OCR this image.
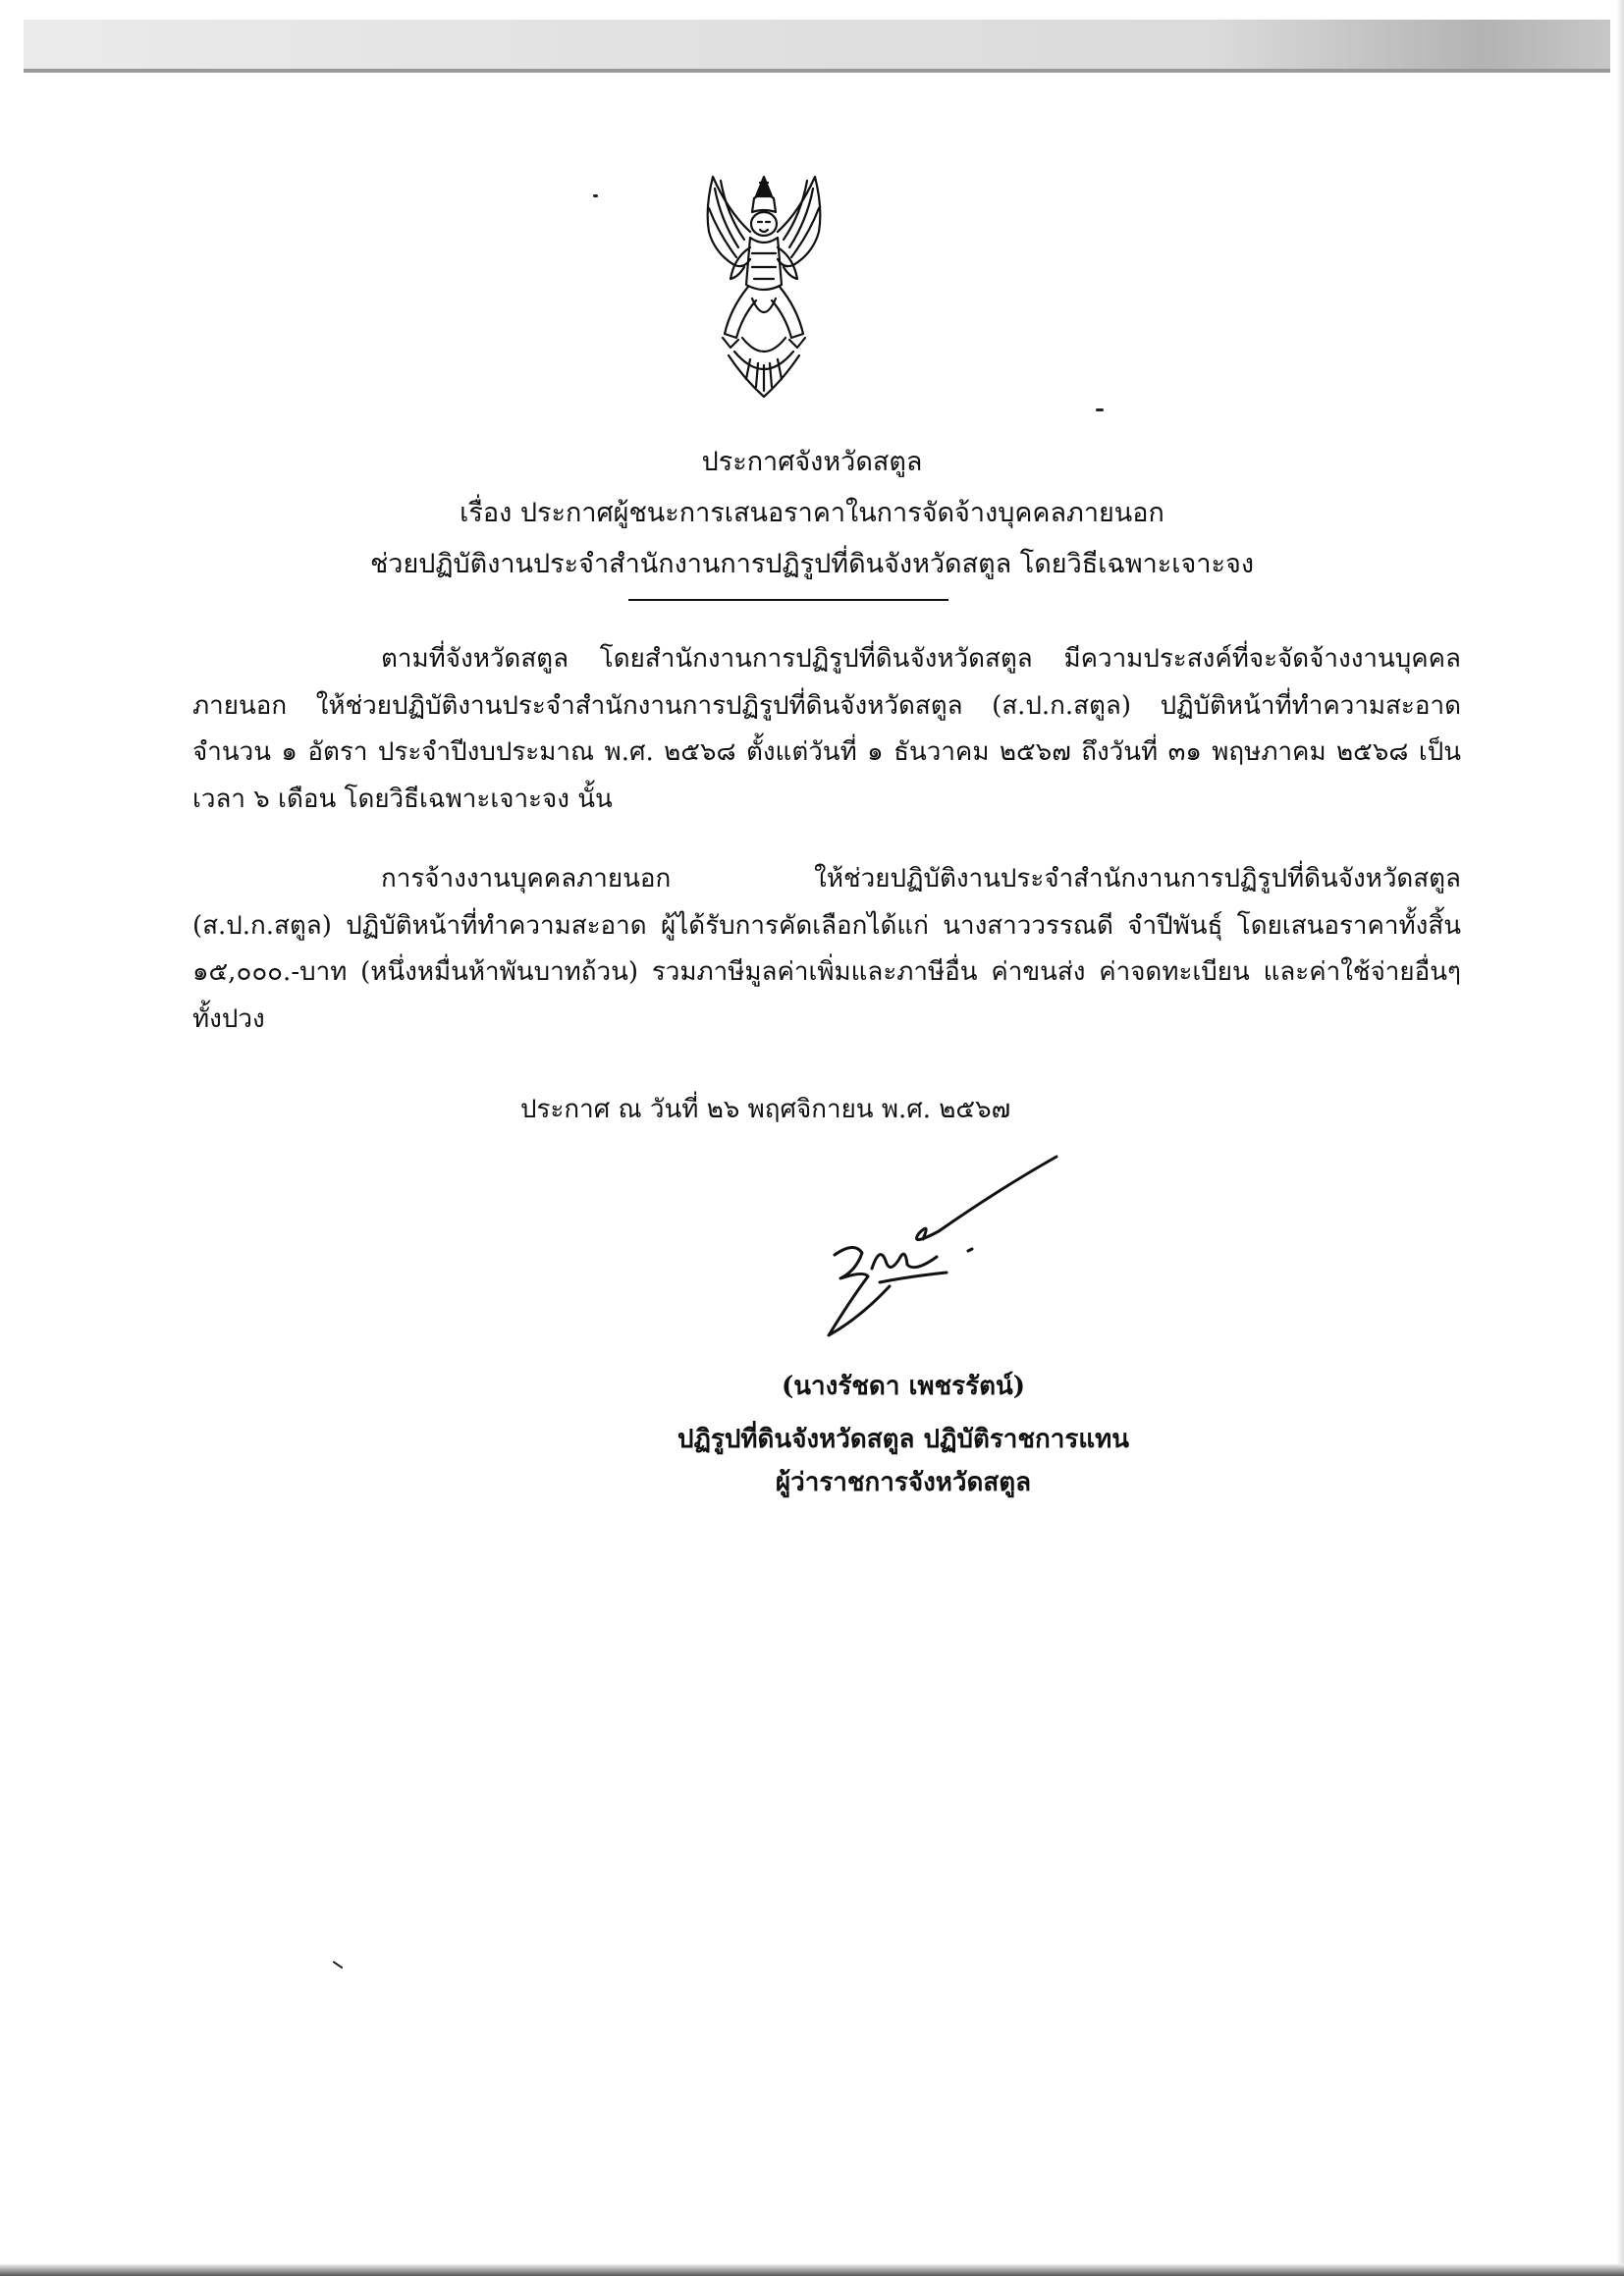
ประกาศจังหวัดสตูล
เรื่อง ประกาศผู้ชนะการเสนอราคาในการจัดจ้างบุคคลภายนอก
ช่วยปฏิบัติงานประจำสำนักงานการปฏิรูปที่ดินจังหวัดสตูล โดยวิธีเฉพาะเจาะจง

ตามที่จังหวัดสตูล โดยสำนักงานการปฏิรูปที่ดินจังหวัดสตูล มีความประสงค์ที่จะจัดจ้างงานบุคคลภายนอก ให้ช่วยปฏิบัติงานประจำสำนักงานการปฏิรูปที่ดินจังหวัดสตูล (ส.ป.ก.สตูล) ปฏิบัติหน้าที่ทำความสะอาด จำนวน ๑ อัตรา ประจำปีงบประมาณ พ.ศ. ๒๕๖๘ ตั้งแต่วันที่ ๑ ธันวาคม ๒๕๖๗ ถึงวันที่ ๓๑ พฤษภาคม ๒๕๖๘ เป็นเวลา ๖ เดือน โดยวิธีเฉพาะเจาะจง นั้น

การจ้างงานบุคคลภายนอก ให้ช่วยปฏิบัติงานประจำสำนักงานการปฏิรูปที่ดินจังหวัดสตูล (ส.ป.ก.สตูล) ปฏิบัติหน้าที่ทำความสะอาด ผู้ได้รับการคัดเลือกได้แก่ นางสาววรรณดี จำปีพันธุ์ โดยเสนอราคาทั้งสิ้น ๑๕,๐๐๐.-บาท (หนึ่งหมื่นห้าพันบาทถ้วน) รวมภาษีมูลค่าเพิ่มและภาษีอื่น ค่าขนส่ง ค่าจดทะเบียน และค่าใช้จ่ายอื่นๆ ทั้งปวง

ประกาศ ณ วันที่ ๒๖ พฤศจิกายน พ.ศ. ๒๕๖๗
(นางรัชดา เพชรรัตน์)
ปฏิรูปที่ดินจังหวัดสตูล ปฏิบัติราชการแทน
ผู้ว่าราชการจังหวัดสตูล
